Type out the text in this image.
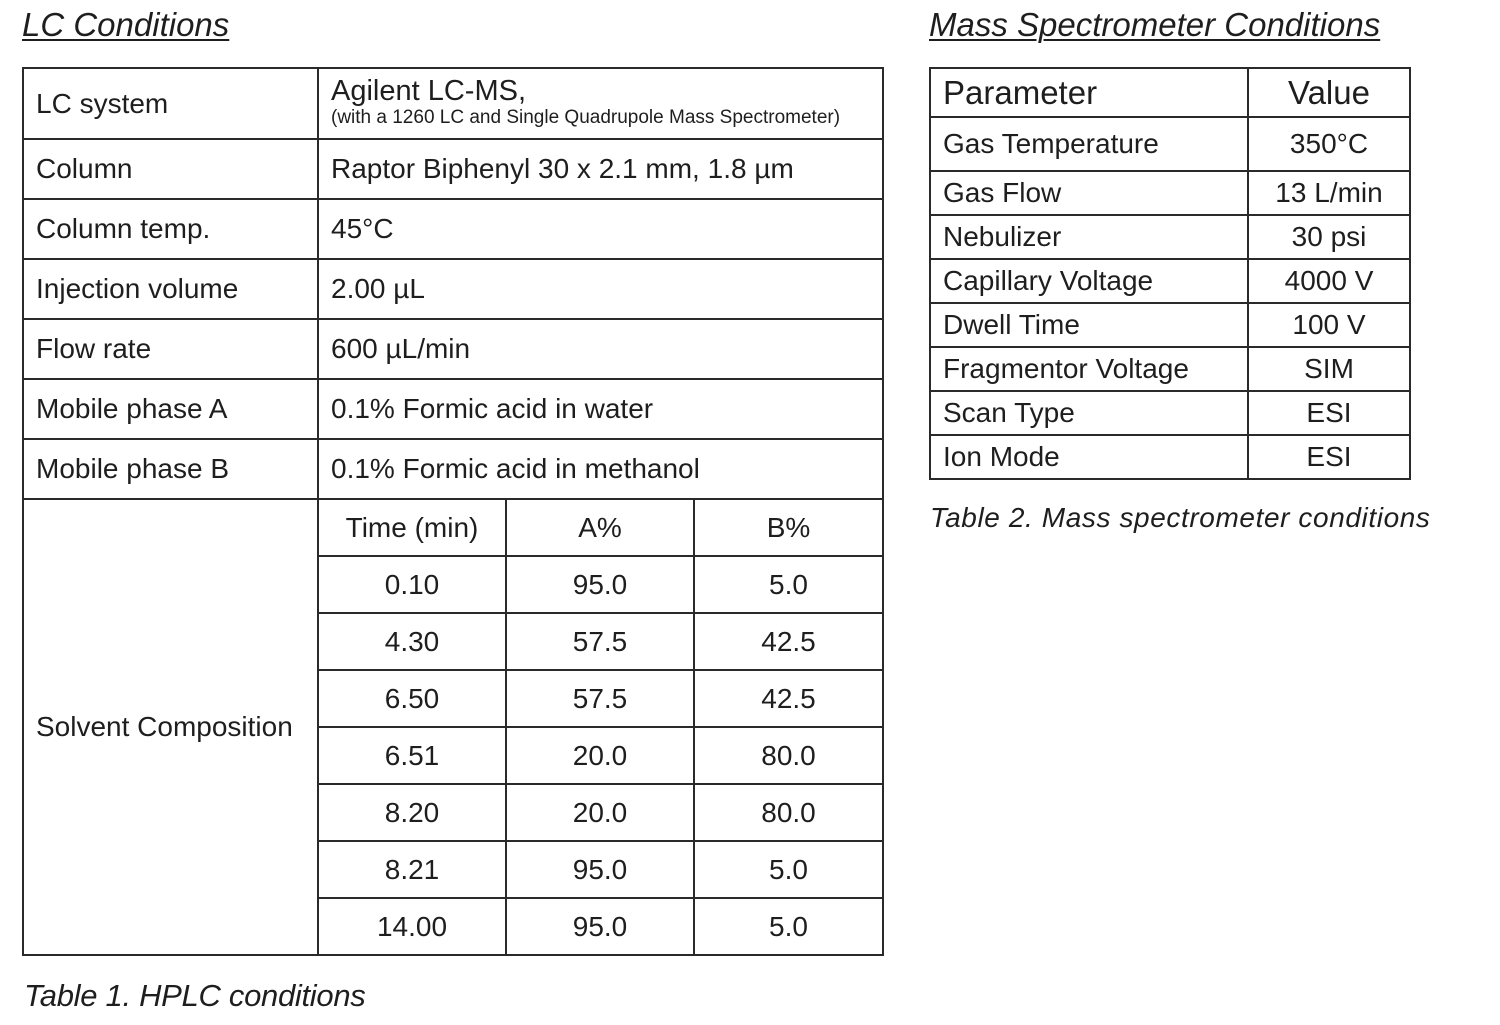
LC Conditions
LC system	Agilent LC-MS,
(with a 1260 LC and Single Quadrupole Mass Spectrometer)

Column	Raptor Biphenyl 30 x 2.1 mm, 1.8 µm
Column temp.	45°C
Injection volume	2.00 µL
Flow rate	600 µL/min
Mobile phase A	0.1% Formic acid in water
Mobile phase B	0.1% Formic acid in methanol
Solvent Composition	
Time (min)	A%	B%
0.10	95.0	5.0
4.30	57.5	42.5
6.50	57.5	42.5
6.51	20.0	80.0
8.20	20.0	80.0
8.21	95.0	5.0
14.00	95.0	5.0
Table 1. HPLC conditions
Mass Spectrometer Conditions
Parameter	Value
Gas Temperature	350°C
Gas Flow	13 L/min
Nebulizer	30 psi
Capillary Voltage	4000 V
Dwell Time	100 V
Fragmentor Voltage	SIM
Scan Type	ESI
Ion Mode	ESI
Table 2. Mass spectrometer conditions
